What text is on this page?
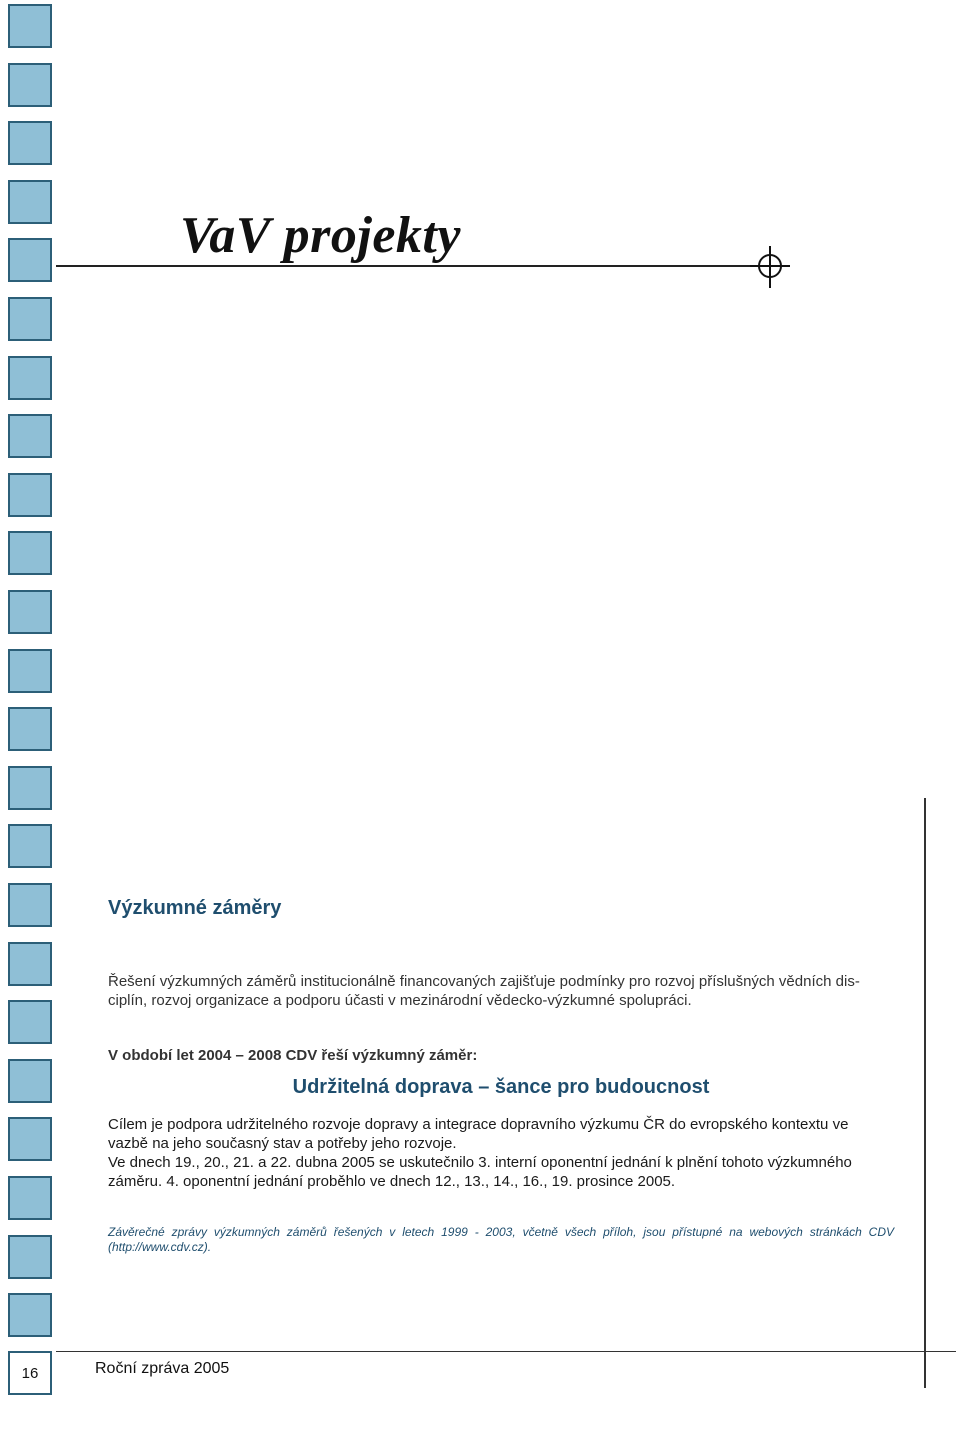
VaV projekty
Výzkumné záměry

Řešení výzkumných záměrů institucionálně financovaných zajišťuje podmínky pro rozvoj příslušných vědních dis-
ciplín, rozvoj organizace a podporu účasti v mezinárodní vědecko-výzkumné spolupráci.

V období let 2004 – 2008 CDV řeší výzkumný záměr:

Udržitelná doprava – šance pro budoucnost

Cílem je podpora udržitelného rozvoje dopravy a integrace dopravního výzkumu ČR do evropského kontextu ve
vazbě na jeho současný stav a potřeby jeho rozvoje.
Ve dnech 19., 20., 21. a 22. dubna 2005 se uskutečnilo 3. interní oponentní jednání k plnění tohoto výzkumného
záměru. 4. oponentní jednání proběhlo ve dnech 12., 13., 14., 16., 19. prosince 2005.

Závěrečné zprávy výzkumných záměrů řešených v letech 1999 - 2003, včetně všech příloh, jsou přístupné na webových stránkách CDV (http://www.cdv.cz).

16	Roční zpráva 2005
